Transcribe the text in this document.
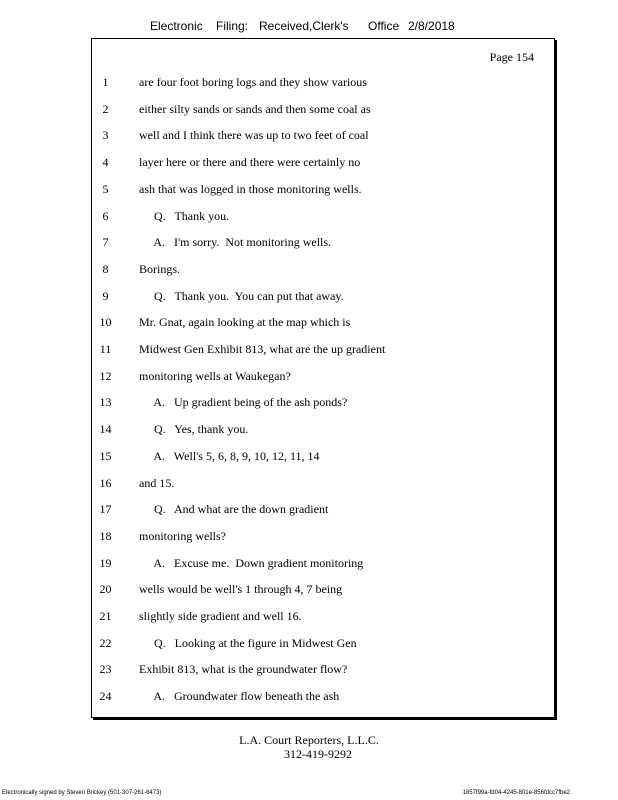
Electronic Filing: Received,Clerk's Office 2/8/2018
Page 154
1	are four foot boring logs and they show various
2	either silty sands or sands and then some coal as
3	well and I think there was up to two feet of coal
4	layer here or there and there were certainly no
5	ash that was logged in those monitoring wells.
6	Q.   Thank you.
7	A.   I'm sorry.  Not monitoring wells.
8	Borings.
9	Q.   Thank you.  You can put that away.
10	Mr. Gnat, again looking at the map which is
11	Midwest Gen Exhibit 813, what are the up gradient
12	monitoring wells at Waukegan?
13	A.   Up gradient being of the ash ponds?
14	Q.   Yes, thank you.
15	A.   Well's 5, 6, 8, 9, 10, 12, 11, 14
16	and 15.
17	Q.   And what are the down gradient
18	monitoring wells?
19	A.   Excuse me.  Down gradient monitoring
20	wells would be well's 1 through 4, 7 being
21	slightly side gradient and well 16.
22	Q.   Looking at the figure in Midwest Gen
23	Exhibit 813, what is the groundwater flow?
24	A.   Groundwater flow beneath the ash
L.A. Court Reporters, L.L.C.
312-419-9292
Electronically signed by Steven Brickey (501-307-261-8473)	1857f99a-fd04-4245-801e-856fdcc7fbe2
